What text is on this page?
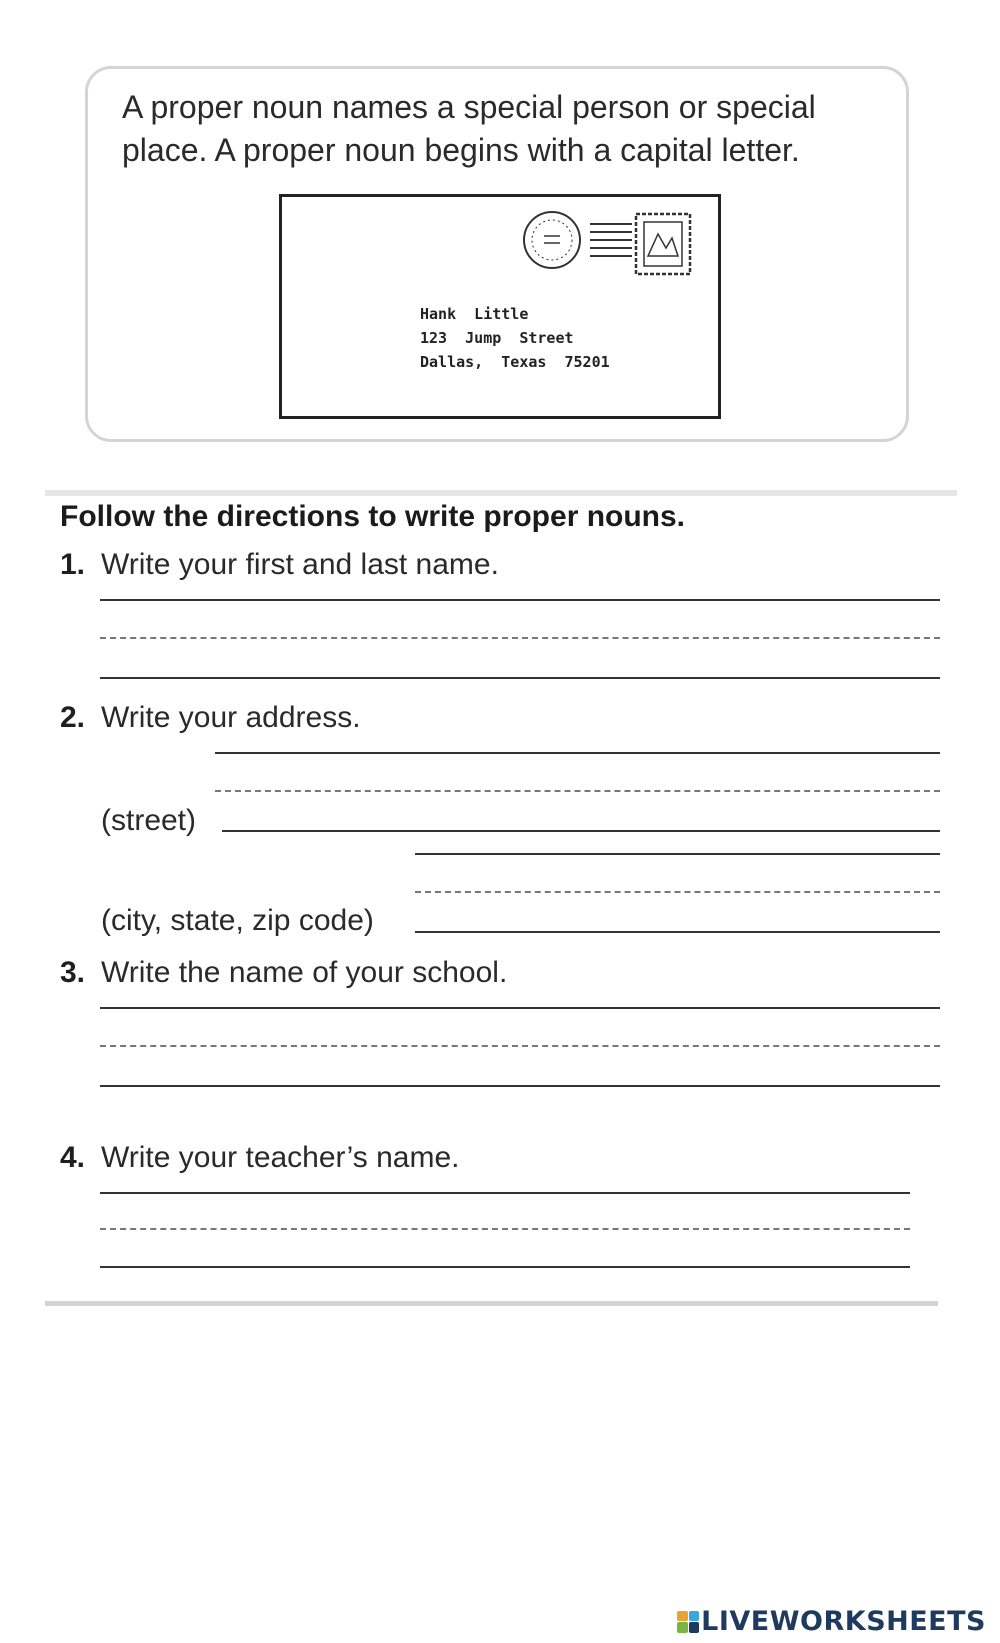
A proper noun names a special person or special
place. A proper noun begins with a capital letter.
Hank  Little
123  Jump  Street
Dallas,  Texas  75201
Follow the directions to write proper nouns.
1. Write your first and last name.
2. Write your address.
(street)
(city, state, zip code)
3. Write the name of your school.
4. Write your teacher’s name.
LIVEWORKSHEETS
